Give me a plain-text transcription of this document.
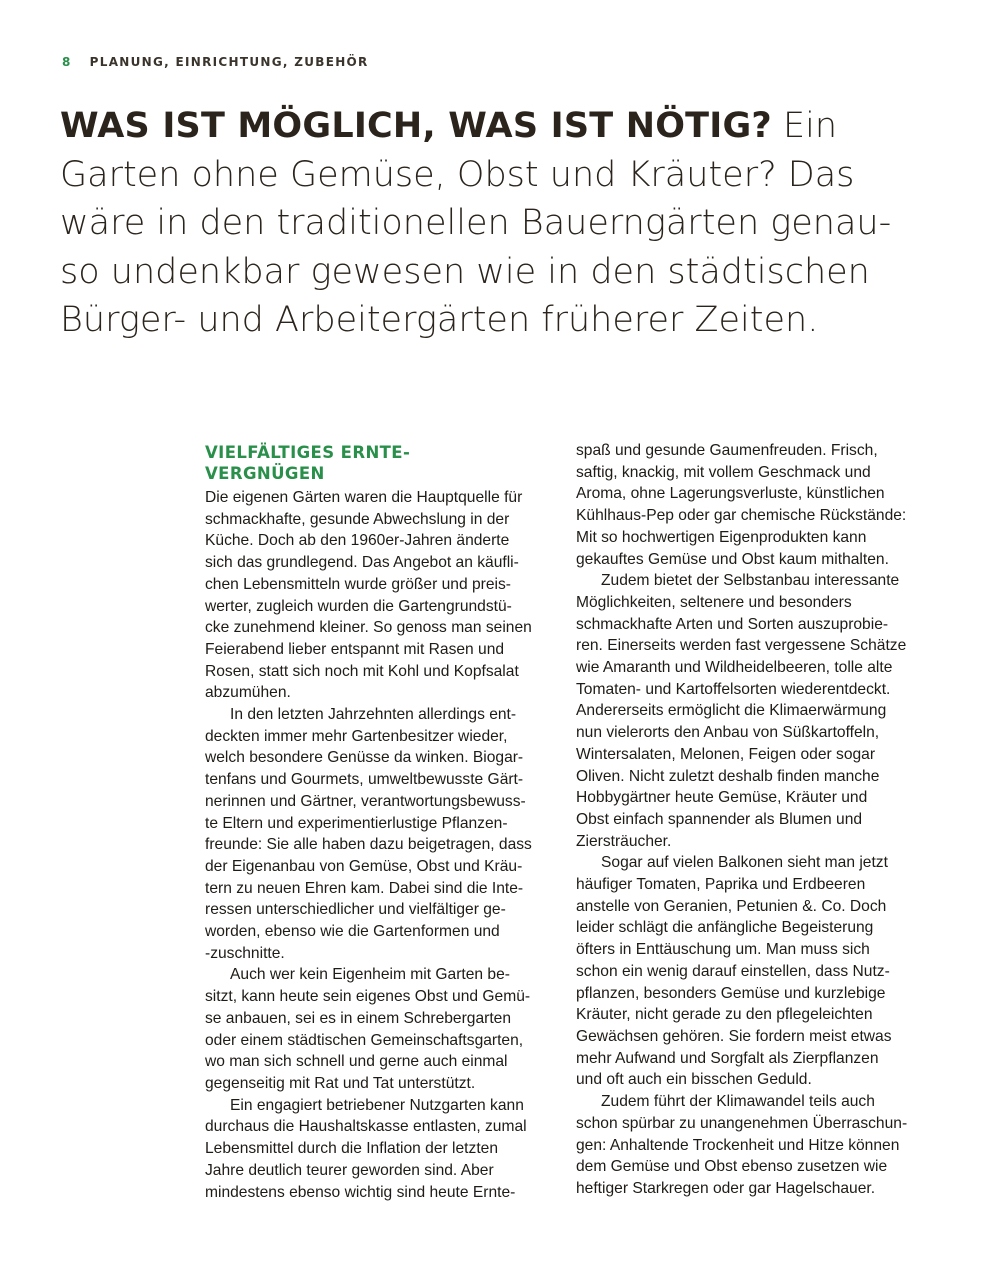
8 PLANUNG, EINRICHTUNG, ZUBEHÖR
WAS IST MÖGLICH, WAS IST NÖTIG? Ein
Garten ohne Gemüse, Obst und Kräuter? Das
wäre in den traditionellen Bauerngärten genau-
so undenkbar gewesen wie in den städtischen
Bürger- und Arbeitergärten früherer Zeiten.
VIELFÄLTIGES ERNTE-
VERGNÜGEN

Die eigenen Gärten waren die Hauptquelle für
schmackhafte, gesunde Abwechslung in der
Küche. Doch ab den 1960er-Jahren änderte
sich das grundlegend. Das Angebot an käufli-
chen Lebensmitteln wurde größer und preis-
werter, zugleich wurden die Gartengrundstü-
cke zunehmend kleiner. So genoss man seinen
Feierabend lieber entspannt mit Rasen und
Rosen, statt sich noch mit Kohl und Kopfsalat
abzumühen.

In den letzten Jahrzehnten allerdings ent-
deckten immer mehr Gartenbesitzer wieder,
welch besondere Genüsse da winken. Biogar-
tenfans und Gourmets, umweltbewusste Gärt-
nerinnen und Gärtner, verantwortungsbewuss-
te Eltern und experimentierlustige Pflanzen-
freunde: Sie alle haben dazu beigetragen, dass
der Eigenanbau von Gemüse, Obst und Kräu-
tern zu neuen Ehren kam. Dabei sind die Inte-
ressen unterschiedlicher und vielfältiger ge-
worden, ebenso wie die Gartenformen und
-zuschnitte.

Auch wer kein Eigenheim mit Garten be-
sitzt, kann heute sein eigenes Obst und Gemü-
se anbauen, sei es in einem Schrebergarten
oder einem städtischen Gemeinschaftsgarten,
wo man sich schnell und gerne auch einmal
gegenseitig mit Rat und Tat unterstützt.

Ein engagiert betriebener Nutzgarten kann
durchaus die Haushaltskasse entlasten, zumal
Lebensmittel durch die Inflation der letzten
Jahre deutlich teurer geworden sind. Aber
mindestens ebenso wichtig sind heute Ernte-

spaß und gesunde Gaumenfreuden. Frisch,
saftig, knackig, mit vollem Geschmack und
Aroma, ohne Lagerungsverluste, künstlichen
Kühlhaus-Pep oder gar chemische Rückstände:
Mit so hochwertigen Eigenprodukten kann
gekauftes Gemüse und Obst kaum mithalten.

Zudem bietet der Selbstanbau interessante
Möglichkeiten, seltenere und besonders
schmackhafte Arten und Sorten auszuprobie-
ren. Einerseits werden fast vergessene Schätze
wie Amaranth und Wildheidelbeeren, tolle alte
Tomaten- und Kartoffelsorten wiederentdeckt.
Andererseits ermöglicht die Klimaerwärmung
nun vielerorts den Anbau von Süßkartoffeln,
Wintersalaten, Melonen, Feigen oder sogar
Oliven. Nicht zuletzt deshalb finden manche
Hobbygärtner heute Gemüse, Kräuter und
Obst einfach spannender als Blumen und
Ziersträucher.

Sogar auf vielen Balkonen sieht man jetzt
häufiger Tomaten, Paprika und Erdbeeren
anstelle von Geranien, Petunien &. Co. Doch
leider schlägt die anfängliche Begeisterung
öfters in Enttäuschung um. Man muss sich
schon ein wenig darauf einstellen, dass Nutz-
pflanzen, besonders Gemüse und kurzlebige
Kräuter, nicht gerade zu den pflegeleichten
Gewächsen gehören. Sie fordern meist etwas
mehr Aufwand und Sorgfalt als Zierpflanzen
und oft auch ein bisschen Geduld.

Zudem führt der Klimawandel teils auch
schon spürbar zu unangenehmen Überraschun-
gen: Anhaltende Trockenheit und Hitze können
dem Gemüse und Obst ebenso zusetzen wie
heftiger Starkregen oder gar Hagelschauer.
